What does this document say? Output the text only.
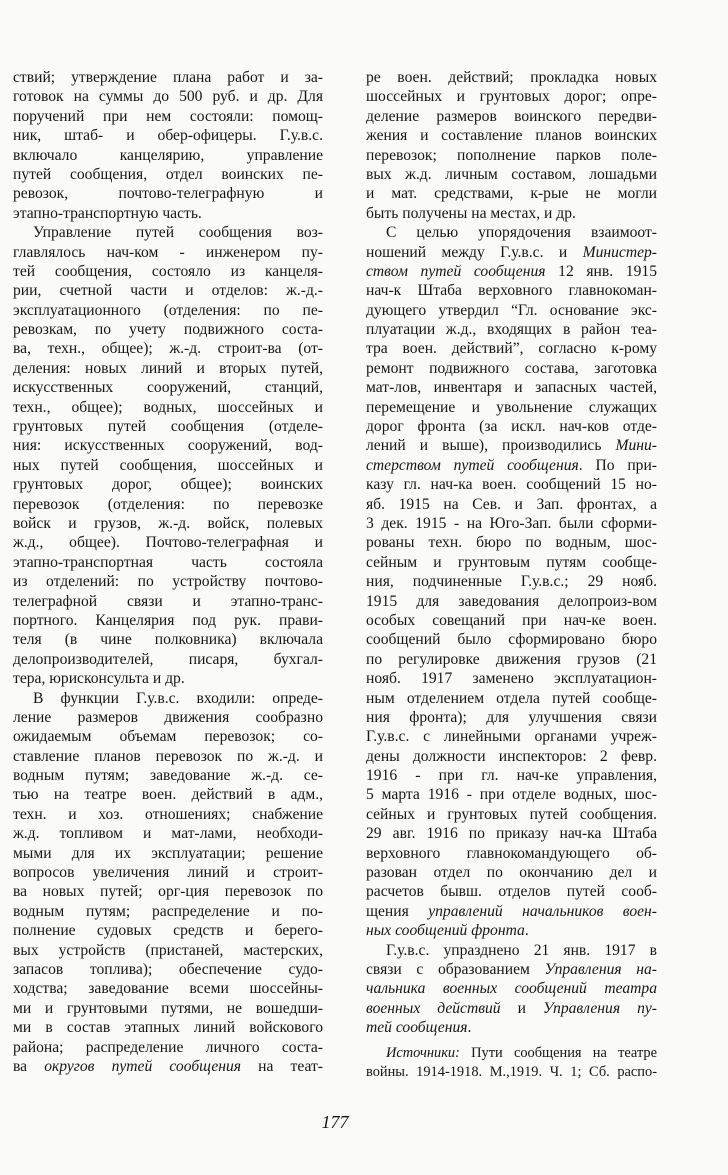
ствий; утверждение плана работ и за-
готовок на суммы до 500 руб. и др. Для
поручений при нем состояли: помощ-
ник, штаб- и обер-офицеры. Г.у.в.с.
включало канцелярию, управление
путей сообщения, отдел воинских пе-
ревозок, почтово-телеграфную и
этапно-транспортную часть.
Управление путей сообщения воз-
главлялось нач-ком - инженером пу-
тей сообщения, состояло из канцеля-
рии, счетной части и отделов: ж.-д.-
эксплуатационного (отделения: по пе-
ревозкам, по учету подвижного соста-
ва, техн., общее); ж.-д. строит-ва (от-
деления: новых линий и вторых путей,
искусственных сооружений, станций,
техн., общее); водных, шоссейных и
грунтовых путей сообщения (отделе-
ния: искусственных сооружений, вод-
ных путей сообщения, шоссейных и
грунтовых дорог, общее); воинских
перевозок (отделения: по перевозке
войск и грузов, ж.-д. войск, полевых
ж.д., общее). Почтово-телеграфная и
этапно-транспортная часть состояла
из отделений: по устройству почтово-
телеграфной связи и этапно-транс-
портного. Канцелярия под рук. прави-
теля (в чине полковника) включала
делопроизводителей, писаря, бухгал-
тера, юрисконсульта и др.
В функции Г.у.в.с. входили: опреде-
ление размеров движения сообразно
ожидаемым объемам перевозок; со-
ставление планов перевозок по ж.-д. и
водным путям; заведование ж.-д. се-
тью на театре воен. действий в адм.,
техн. и хоз. отношениях; снабжение
ж.д. топливом и мат-лами, необходи-
мыми для их эксплуатации; решение
вопросов увеличения линий и строит-
ва новых путей; орг-ция перевозок по
водным путям; распределение и по-
полнение судовых средств и берего-
вых устройств (пристаней, мастерских,
запасов топлива); обеспечение судо-
ходства; заведование всеми шоссейны-
ми и грунтовыми путями, не вошедши-
ми в состав этапных линий войскового
района; распределение личного соста-
ва округов путей сообщения на теат-
ре воен. действий; прокладка новых
шоссейных и грунтовых дорог; опре-
деление размеров воинского передви-
жения и составление планов воинских
перевозок; пополнение парков поле-
вых ж.д. личным составом, лошадьми
и мат. средствами, к-рые не могли
быть получены на местах, и др.
С целью упорядочения взаимоот-
ношений между Г.у.в.с. и Министер-
ством путей сообщения 12 янв. 1915
нач-к Штаба верховного главнокоман-
дующего утвердил “Гл. основание экс-
плуатации ж.д., входящих в район теа-
тра воен. действий”, согласно к-рому
ремонт подвижного состава, заготовка
мат-лов, инвентаря и запасных частей,
перемещение и увольнение служащих
дорог фронта (за искл. нач-ков отде-
лений и выше), производились Мини-
стерством путей сообщения. По при-
казу гл. нач-ка воен. сообщений 15 но-
яб. 1915 на Сев. и Зап. фронтах, а
3 дек. 1915 - на Юго-Зап. были сформи-
рованы техн. бюро по водным, шос-
сейным и грунтовым путям сообще-
ния, подчиненные Г.у.в.с.; 29 нояб.
1915 для заведования делопроиз-вом
особых совещаний при нач-ке воен.
сообщений было сформировано бюро
по регулировке движения грузов (21
нояб. 1917 заменено эксплуатацион-
ным отделением отдела путей сообще-
ния фронта); для улучшения связи
Г.у.в.с. с линейными органами учреж-
дены должности инспекторов: 2 февр.
1916 - при гл. нач-ке управления,
5 марта 1916 - при отделе водных, шос-
сейных и грунтовых путей сообщения.
29 авг. 1916 по приказу нач-ка Штаба
верховного главнокомандующего об-
разован отдел по окончанию дел и
расчетов бывш. отделов путей сооб-
щения управлений начальников воен-
ных сообщений фронта.
Г.у.в.с. упразднено 21 янв. 1917 в
связи с образованием Управления на-
чальника военных сообщений театра
военных действий и Управления пу-
тей сообщения.
Источники: Пути сообщения на театре
войны. 1914-1918. М.,1919. Ч. 1; Сб. распо-
177
